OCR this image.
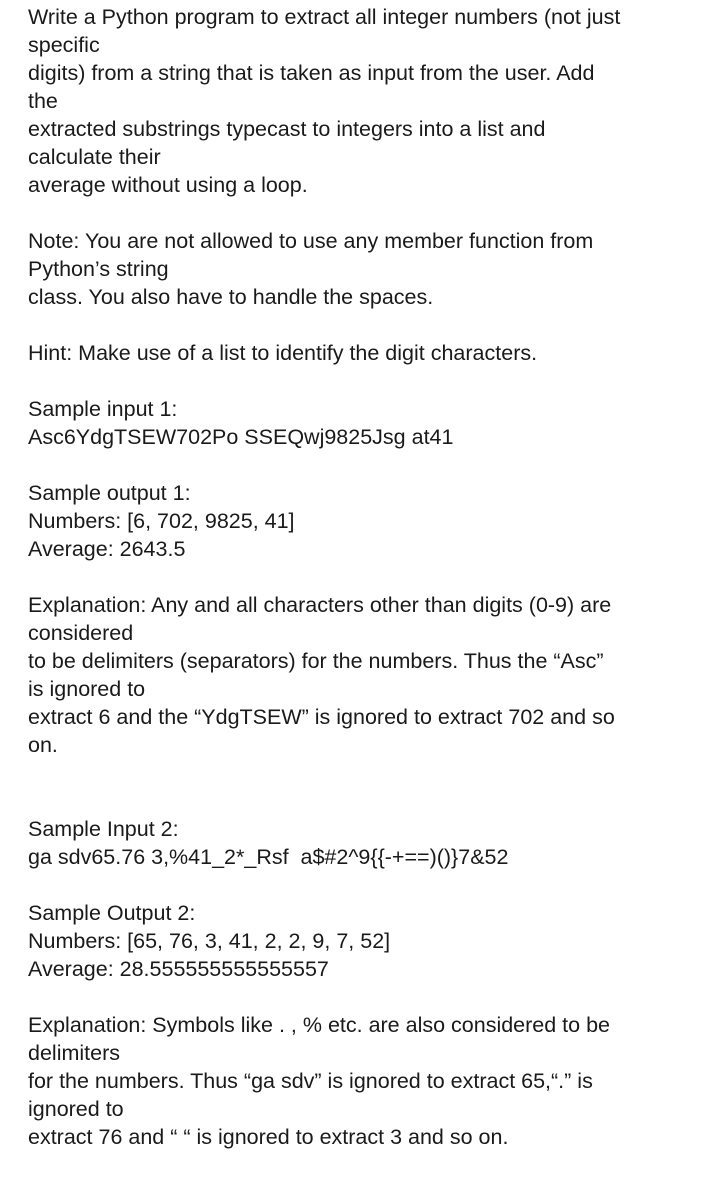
Write a Python program to extract all integer numbers (not just
specific
digits) from a string that is taken as input from the user. Add
the
extracted substrings typecast to integers into a list and
calculate their
average without using a loop.
Note: You are not allowed to use any member function from
Python’s string
class. You also have to handle the spaces.
Hint: Make use of a list to identify the digit characters.
Sample input 1:
Asc6YdgTSEW702Po SSEQwj9825Jsg at41
Sample output 1:
Numbers: [6, 702, 9825, 41]
Average: 2643.5
Explanation: Any and all characters other than digits (0-9) are
considered
to be delimiters (separators) for the numbers. Thus the “Asc”
is ignored to
extract 6 and the “YdgTSEW” is ignored to extract 702 and so
on.
Sample Input 2:
ga sdv65.76 3,%41_2*_Rsf  a$#2^9{{-+==)()}7&52
Sample Output 2:
Numbers: [65, 76, 3, 41, 2, 2, 9, 7, 52]
Average: 28.555555555555557
Explanation: Symbols like . , % etc. are also considered to be
delimiters
for the numbers. Thus “ga sdv” is ignored to extract 65,“.” is
ignored to
extract 76 and “ “ is ignored to extract 3 and so on.
